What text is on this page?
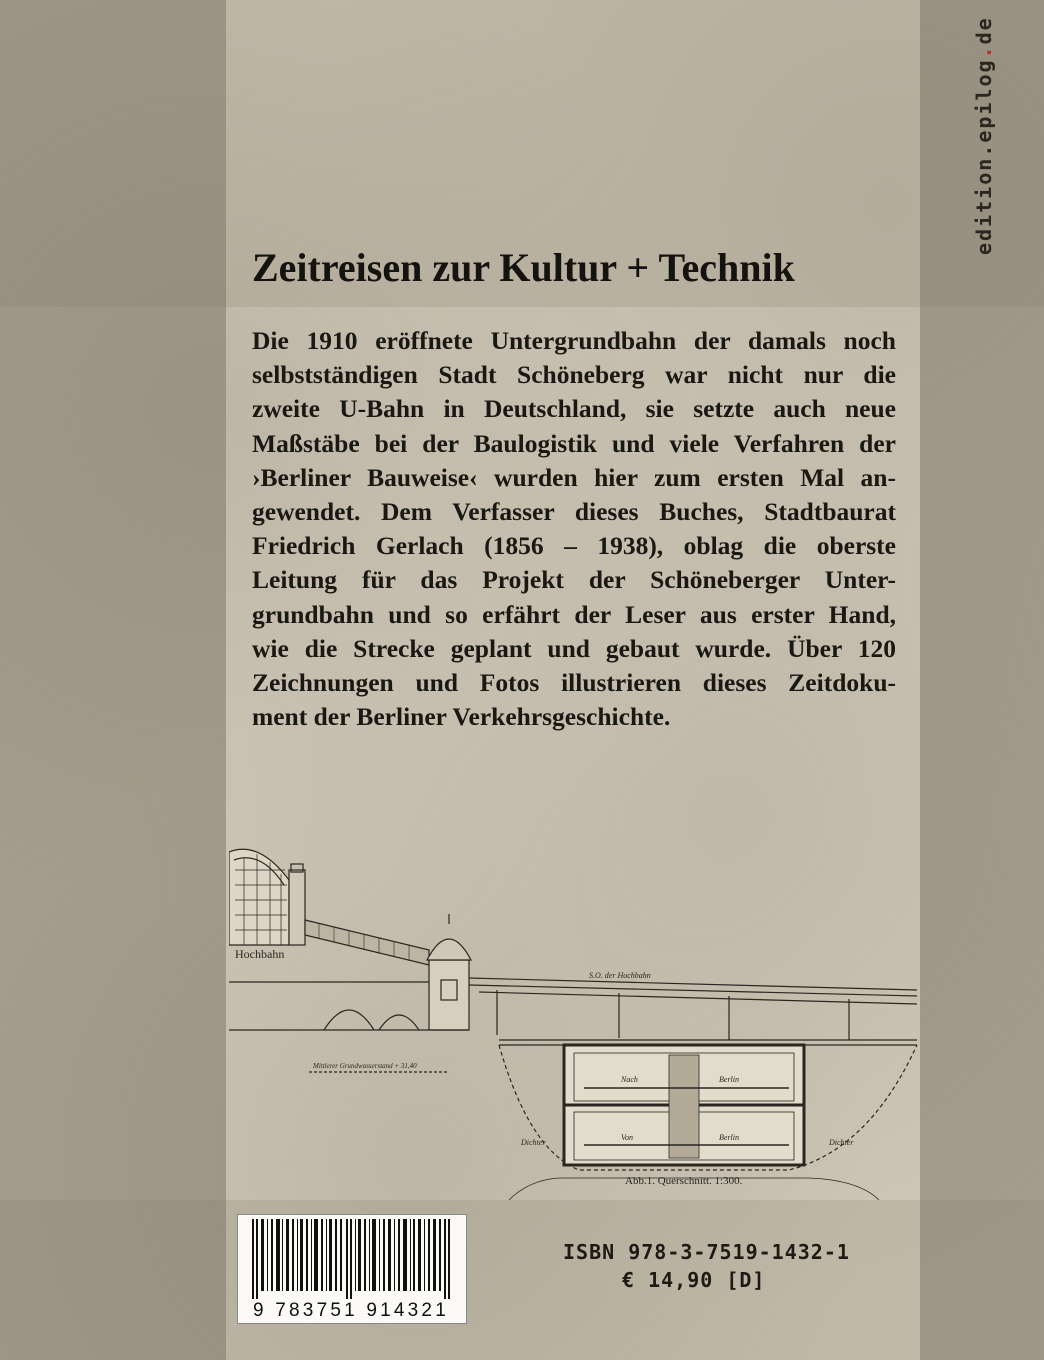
edition.epilog.de
Zeitreisen zur Kultur + Technik
Die 1910 eröffnete Untergrundbahn der damals noch
selbstständigen Stadt Schöneberg war nicht nur die
zweite U-Bahn in Deutschland, sie setzte auch neue
Maßstäbe bei der Baulogistik und viele Verfahren der
›Berliner Bauweise‹ wurden hier zum ersten Mal an-
gewendet. Dem Verfasser dieses Buches, Stadtbaurat
Friedrich Gerlach (1856 – 1938), oblag die oberste
Leitung für das Projekt der Schöneberger Unter-
grundbahn und so erfährt der Leser aus erster Hand,
wie die Strecke geplant und gebaut wurde. Über 120
Zeichnungen und Fotos illustrieren dieses Zeitdoku-
ment der Berliner Verkehrsgeschichte.
Hochbahn
S.O. der Hochbahn
Mittlerer Grundwasserstand + 31,40
Nach	Berlin
Von	Berlin
Dichter	Dichter
Abb.1. Querschnitt. 1:300.
9 783751 914321
ISBN 978-3-7519-1432-1
€ 14,90 [D]
